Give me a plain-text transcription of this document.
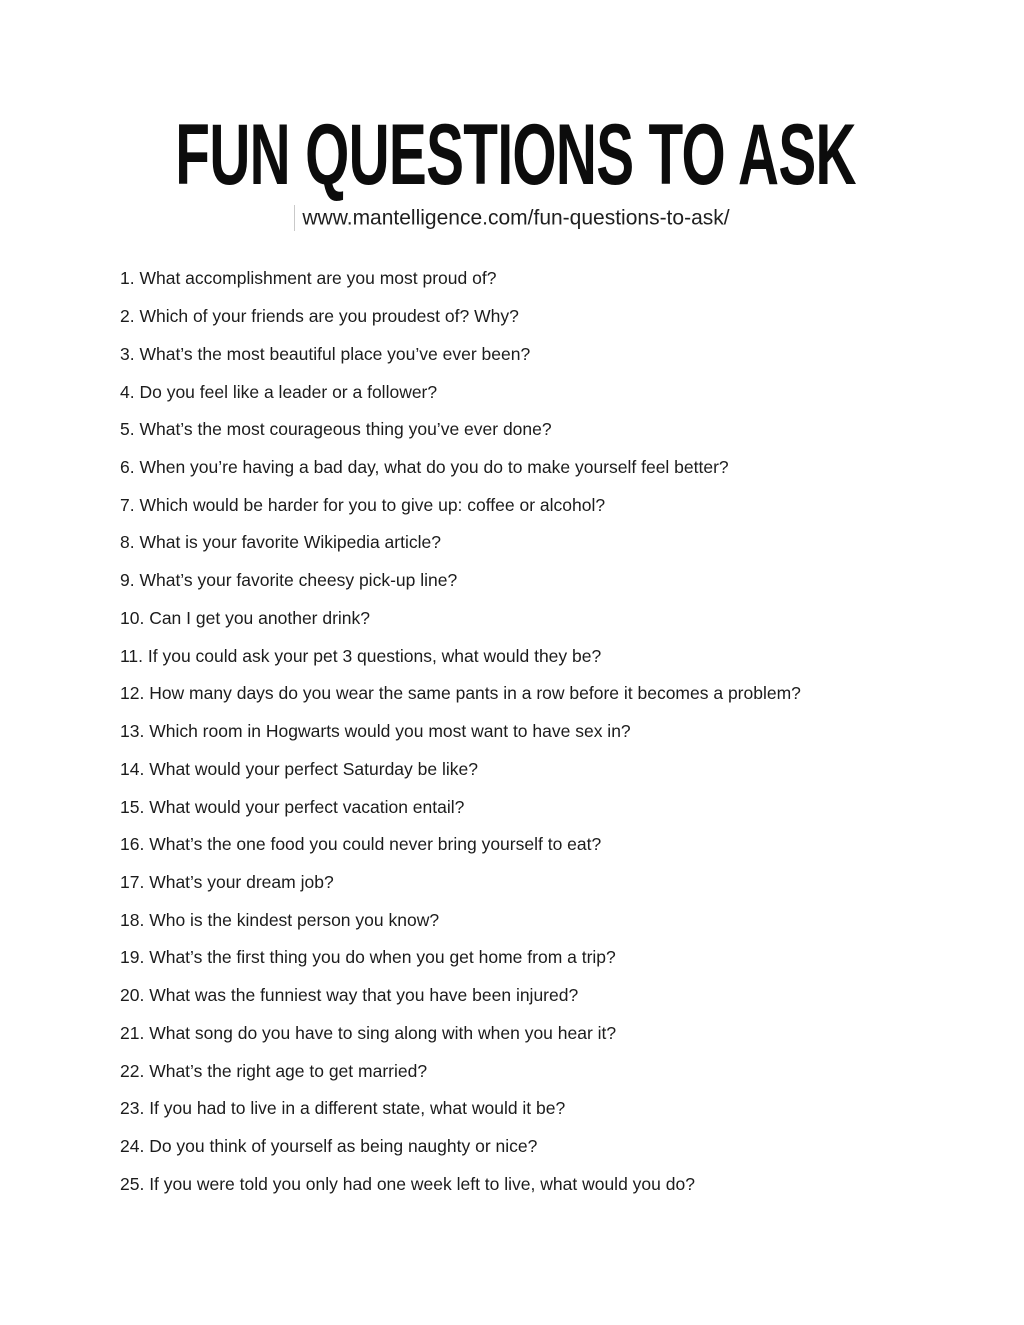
FUN QUESTIONS TO ASK
www.mantelligence.com/fun-questions-to-ask/
1. What accomplishment are you most proud of?
2. Which of your friends are you proudest of? Why?
3. What’s the most beautiful place you’ve ever been?
4. Do you feel like a leader or a follower?
5. What’s the most courageous thing you’ve ever done?
6. When you’re having a bad day, what do you do to make yourself feel better?
7. Which would be harder for you to give up: coffee or alcohol?
8. What is your favorite Wikipedia article?
9. What’s your favorite cheesy pick-up line?
10. Can I get you another drink?
11. If you could ask your pet 3 questions, what would they be?
12. How many days do you wear the same pants in a row before it becomes a problem?
13. Which room in Hogwarts would you most want to have sex in?
14. What would your perfect Saturday be like?
15. What would your perfect vacation entail?
16. What’s the one food you could never bring yourself to eat?
17. What’s your dream job?
18. Who is the kindest person you know?
19. What’s the first thing you do when you get home from a trip?
20. What was the funniest way that you have been injured?
21. What song do you have to sing along with when you hear it?
22. What’s the right age to get married?
23. If you had to live in a different state, what would it be?
24. Do you think of yourself as being naughty or nice?
25. If you were told you only had one week left to live, what would you do?
